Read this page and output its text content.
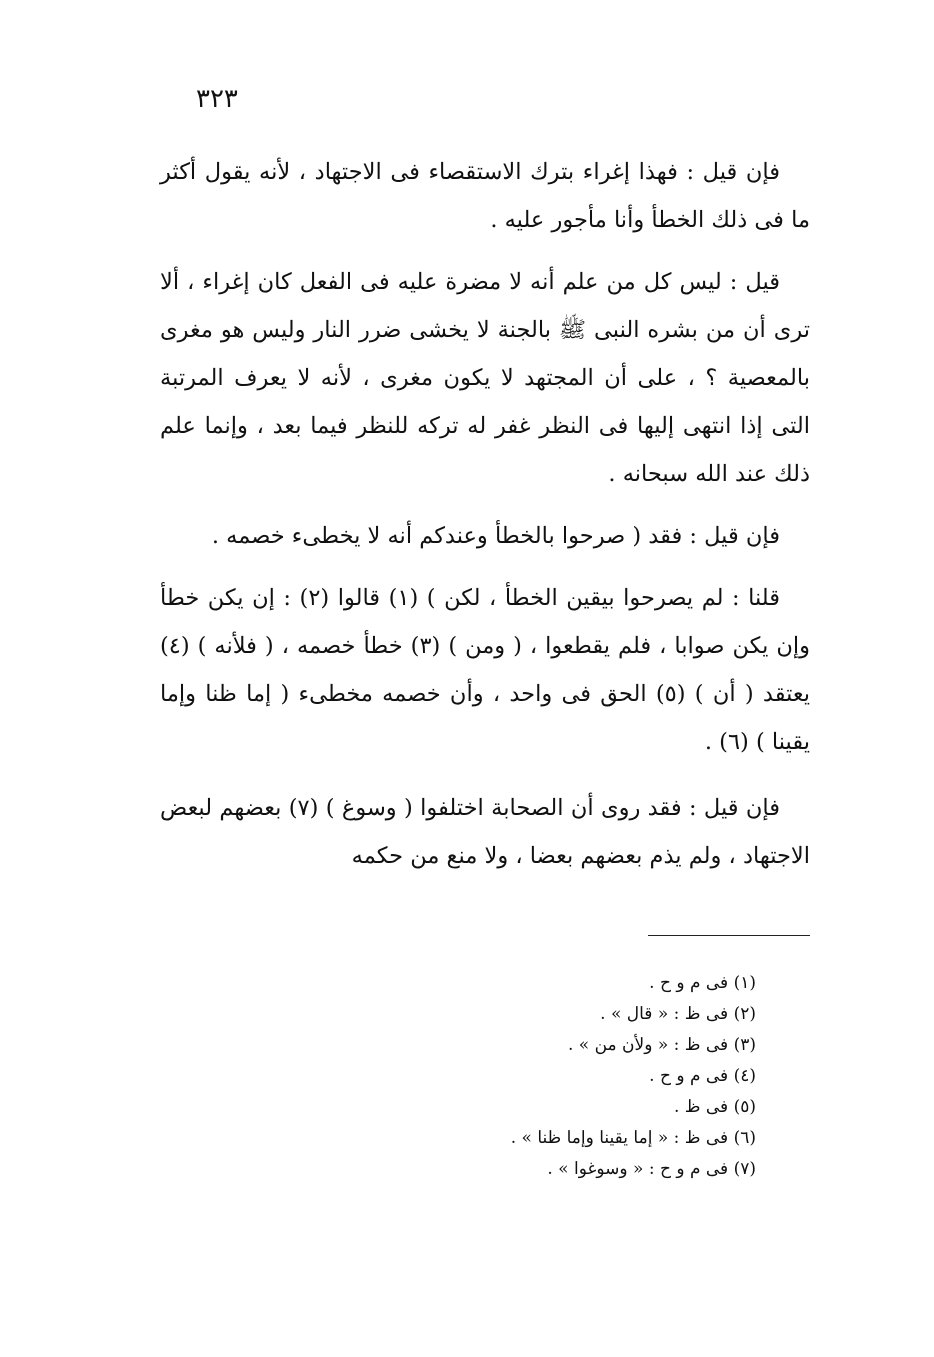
٣٢٣

فإن قيل : فهذا إغراء بترك الاستقصاء فى الاجتهاد ، لأنه يقول أكثر ما فى ذلك الخطأ وأنا مأجور عليه .

قيل : ليس كل من علم أنه لا مضرة عليه فى الفعل كان إغراء ، ألا ترى أن من بشره النبى ﷺ بالجنة لا يخشى ضرر النار وليس هو مغرى بالمعصية ؟ ، على أن المجتهد لا يكون مغرى ، لأنه لا يعرف المرتبة التى إذا انتهى إليها فى النظر غفر له تركه للنظر فيما بعد ، وإنما علم ذلك عند الله سبحانه .

فإن قيل : فقد ( صرحوا بالخطأ وعندكم أنه لا يخطىء خصمه .

قلنا : لم يصرحوا بيقين الخطأ ، لكن ) (١) قالوا (٢) : إن يكن خطأ وإن يكن صوابا ، فلم يقطعوا ، ( ومن ) (٣) خطأ خصمه ، ( فلأنه ) (٤) يعتقد ( أن ) (٥) الحق فى واحد ، وأن خصمه مخطىء ( إما ظنا وإما يقينا ) (٦) .

فإن قيل : فقد روى أن الصحابة اختلفوا ( وسوغ ) (٧) بعضهم لبعض الاجتهاد ، ولم يذم بعضهم بعضا ، ولا منع من حكمه

(١) فى م و ح .
(٢) فى ظ : « قال » .
(٣) فى ظ : « ولأن من » .
(٤) فى م و ح .
(٥) فى ظ .
(٦) فى ظ : « إما يقينا وإما ظنا » .
(٧) فى م و ح : « وسوغوا » .
